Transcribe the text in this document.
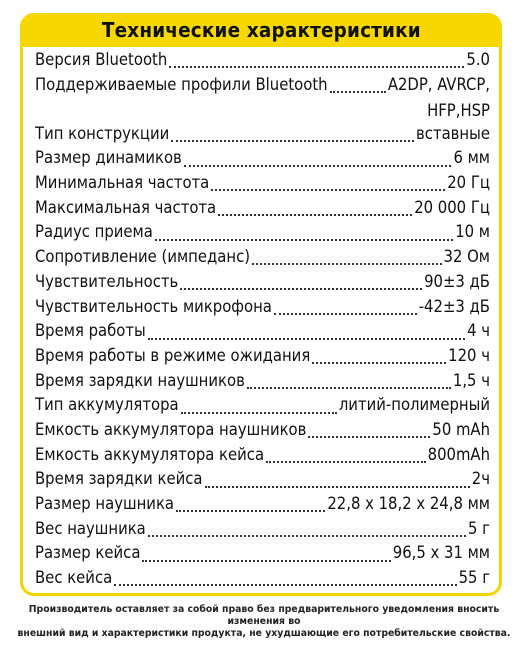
Технические характеристики
Версия Bluetooth	5.0
Поддерживаемые профили Bluetooth	A2DP, AVRCP,
HFP,HSP
Тип конструкции	вставные
Размер динамиков	6 мм
Минимальная частота	20 Гц
Максимальная частота	20 000 Гц
Радиус приема	10 м
Сопротивление (импеданс)	32 Ом
Чувствительность	90±3 дБ
Чувствительность микрофона	-42±3 дБ
Время работы	4 ч
Время работы в режиме ожидания	120 ч
Время зарядки наушников	1,5 ч
Тип аккумулятора	литий-полимерный
Емкость аккумулятора наушников	50 mAh
Емкость аккумулятора кейса	800mAh
Время зарядки кейса	2ч
Размер наушника	22,8 х 18,2 х 24,8 мм
Вес наушника	5 г
Размер кейса	96,5 х 31 мм
Вес кейса	55 г
Производитель оставляет за собой право без предварительного уведомления вносить изменения во
внешний вид и характеристики продукта, не ухудшающие его потребительские свойства.
